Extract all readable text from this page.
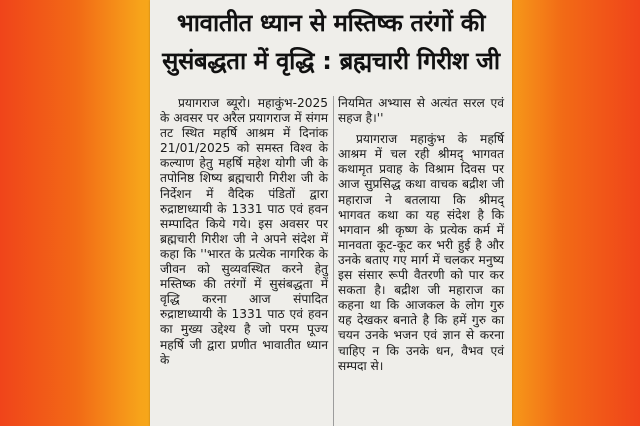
भावातीत ध्यान से मस्तिष्क तरंगों की
सुसंबद्धता में वृद्धि : ब्रह्मचारी गिरीश जी

प्रयागराज ब्यूरो। महाकुंभ-2025 के अवसर पर अरैल प्रयागराज में संगम तट स्थित महर्षि आश्रम में दिनांक 21/01/2025 को समस्त विश्व के कल्याण हेतु महर्षि महेश योगी जी के तपोनिष्ठ शिष्य ब्रह्मचारी गिरीश जी के निर्देशन में वैदिक पंडितों द्वारा रुद्राष्टाध्यायी के 1331 पाठ एवं हवन सम्पादित किये गये। इस अवसर पर ब्रह्मचारी गिरीश जी ने अपने संदेश में कहा कि ''भारत के प्रत्येक नागरिक के जीवन को सुव्यवस्थित करने हेतु मस्तिष्क की तरंगों में सुसंबद्धता में वृद्धि करना आज संपादित रुद्राष्टाध्यायी के 1331 पाठ एवं हवन का मुख्य उद्देश्य है जो परम पूज्य महर्षि जी द्वारा प्रणीत भावातीत ध्यान के

नियमित अभ्यास से अत्यंत सरल एवं सहज है।''

प्रयागराज महाकुंभ के महर्षि आश्रम में चल रही श्रीमद् भागवत कथामृत प्रवाह के विश्राम दिवस पर आज सुप्रसिद्ध कथा वाचक बद्रीश जी महाराज ने बतलाया कि श्रीमद् भागवत कथा का यह संदेश है कि भगवान श्री कृष्ण के प्रत्येक कर्म में मानवता कूट-कूट कर भरी हुई है और उनके बताए गए मार्ग में चलकर मनुष्य इस संसार रूपी वैतरणी को पार कर सकता है। बद्रीश जी महाराज का कहना था कि आजकल के लोग गुरु यह देखकर बनाते है कि हमें गुरु का चयन उनके भजन एवं ज्ञान से करना चाहिए न कि उनके धन, वैभव एवं सम्पदा से।
